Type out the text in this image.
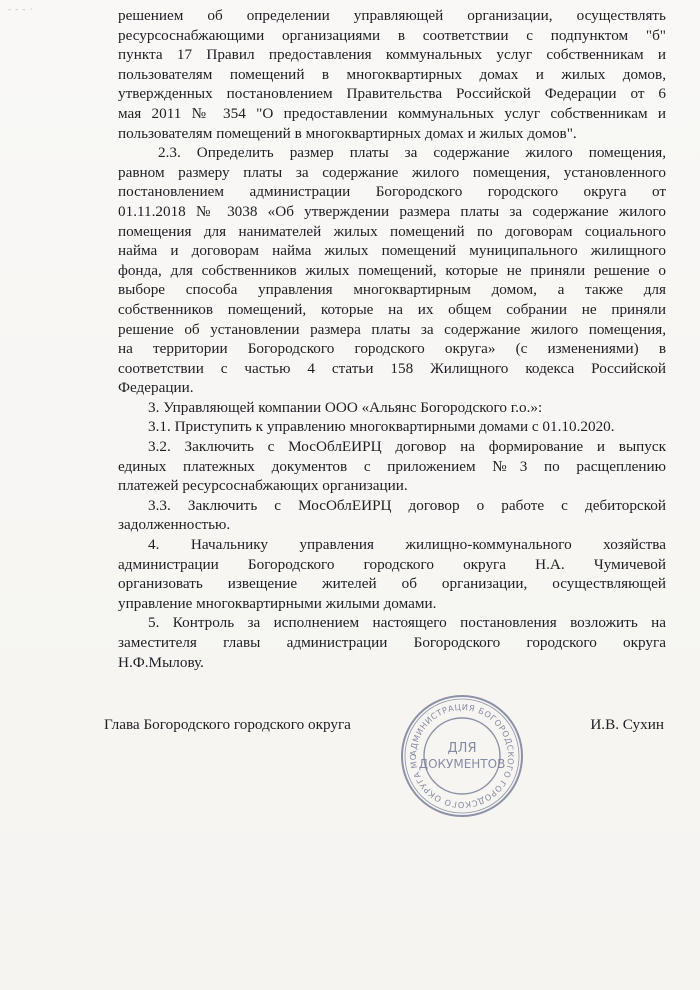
- ‑ ‑ ·	решением об определении управляющей организации, осуществлять
ресурсоснабжающими организациями в соответствии с подпунктом "б"
пункта 17 Правил предоставления коммунальных услуг собственникам и
пользователям помещений в многоквартирных домах и жилых домов,
утвержденных постановлением Правительства Российской Федерации от 6
мая 2011 № 354 "О предоставлении коммунальных услуг собственникам и
пользователям помещений в многоквартирных домах и жилых домов".
2.3. Определить размер платы за содержание жилого помещения,
равном размеру платы за содержание жилого помещения, установленного
постановлением администрации Богородского городского округа от
01.11.2018 № 3038 «Об утверждении размера платы за содержание жилого
помещения для нанимателей жилых помещений по договорам социального
найма и договорам найма жилых помещений муниципального жилищного
фонда, для собственников жилых помещений, которые не приняли решение о
выборе способа управления многоквартирным домом, а также для
собственников помещений, которые на их общем собрании не приняли
решение об установлении размера платы за содержание жилого помещения,
на территории Богородского городского округа» (с изменениями) в
соответствии с частью 4 статьи 158 Жилищного кодекса Российской
Федерации.
3. Управляющей компании ООО «Альянс Богородского г.о.»:
3.1. Приступить к управлению многоквартирными домами с 01.10.2020.
3.2. Заключить с МосОблЕИРЦ договор на формирование и выпуск
единых платежных документов с приложением №3 по расщеплению
платежей ресурсоснабжающих организации.
3.3. Заключить с МосОблЕИРЦ договор о работе с дебиторской
задолженностью.
4. Начальнику управления жилищно-коммунального хозяйства
администрации Богородского городского округа Н.А. Чумичевой
организовать извещение жителей об организации, осуществляющей
управление многоквартирными жилыми домами.
5. Контроль за исполнением настоящего постановления возложить на
заместителя главы администрации Богородского городского округа
Н.Ф.Мылову.
Глава Богородского городского округа	И.В. Сухин
АДМИНИСТРАЦИЯ БОГОРОДСКОГО ГОРОДСКОГО ОКРУГА МО
ДЛЯ
ДОКУМЕНТОВ
